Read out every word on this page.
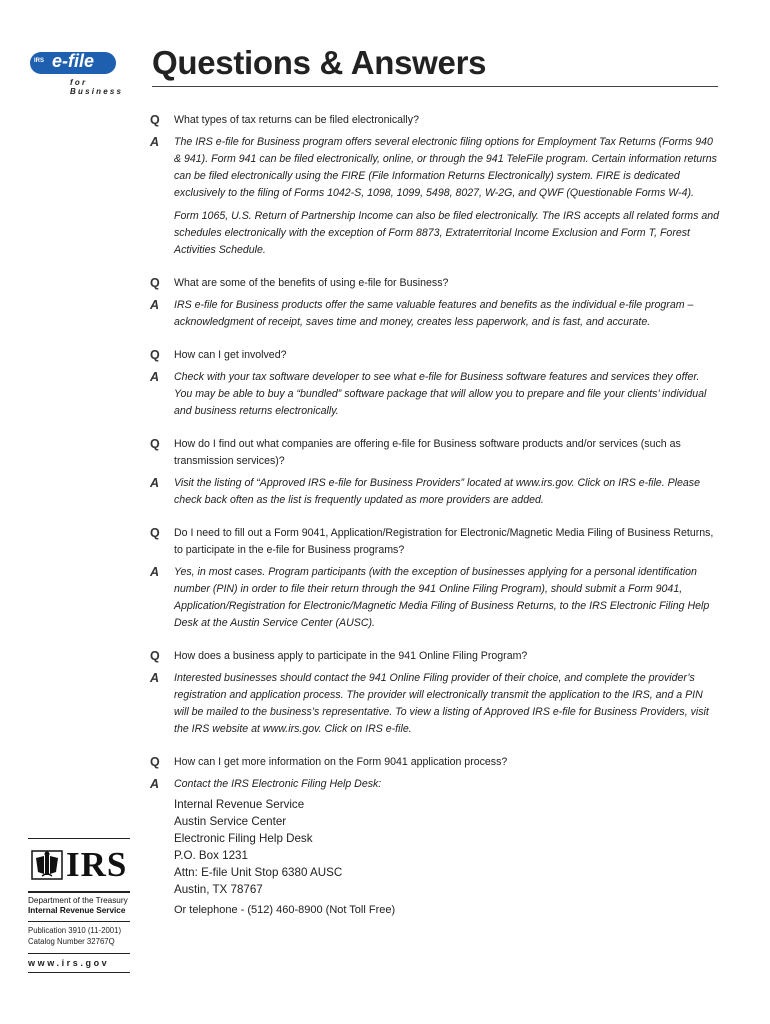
IRS e-file
for Business
Questions & Answers
Q What types of tax returns can be filed electronically?
A The IRS e-file for Business program offers several electronic filing options for Employment Tax Returns (Forms 940 & 941). Form 941 can be filed electronically, online, or through the 941 TeleFile program. Certain information returns can be filed electronically using the FIRE (File Information Returns Electronically) system. FIRE is dedicated exclusively to the filing of Forms 1042-S, 1098, 1099, 5498, 8027, W-2G, and QWF (Questionable Forms W-4).

Form 1065, U.S. Return of Partnership Income can also be filed electronically. The IRS accepts all related forms and schedules electronically with the exception of Form 8873, Extraterritorial Income Exclusion and Form T, Forest Activities Schedule.

Q What are some of the benefits of using e-file for Business?
A IRS e-file for Business products offer the same valuable features and benefits as the individual e-file program – acknowledgment of receipt, saves time and money, creates less paperwork, and is fast, and accurate.

Q How can I get involved?
A Check with your tax software developer to see what e-file for Business software features and services they offer. You may be able to buy a “bundled” software package that will allow you to prepare and file your clients’ individual and business returns electronically.

Q How do I find out what companies are offering e-file for Business software products and/or services (such as transmission services)?
A Visit the listing of “Approved IRS e-file for Business Providers” located at www.irs.gov. Click on IRS e-file. Please check back often as the list is frequently updated as more providers are added.

Q Do I need to fill out a Form 9041, Application/Registration for Electronic/Magnetic Media Filing of Business Returns, to participate in the e-file for Business programs?
A Yes, in most cases. Program participants (with the exception of businesses applying for a personal identification number (PIN) in order to file their return through the 941 Online Filing Program), should submit a Form 9041, Application/Registration for Electronic/Magnetic Media Filing of Business Returns, to the IRS Electronic Filing Help Desk at the Austin Service Center (AUSC).

Q How does a business apply to participate in the 941 Online Filing Program?
A Interested businesses should contact the 941 Online Filing provider of their choice, and complete the provider’s registration and application process. The provider will electronically transmit the application to the IRS, and a PIN will be mailed to the business’s representative. To view a listing of Approved IRS e-file for Business Providers, visit the IRS website at www.irs.gov. Click on IRS e-file.

Q How can I get more information on the Form 9041 application process?
A Contact the IRS Electronic Filing Help Desk:

Internal Revenue Service
Austin Service Center
Electronic Filing Help Desk
P.O. Box 1231
Attn: E-file Unit Stop 6380 AUSC
Austin, TX 78767
Or telephone - (512) 460-8900 (Not Toll Free)
IRS
Department of the Treasury
Internal Revenue Service
Publication 3910 (11-2001)
Catalog Number 32767Q
www.irs.gov
